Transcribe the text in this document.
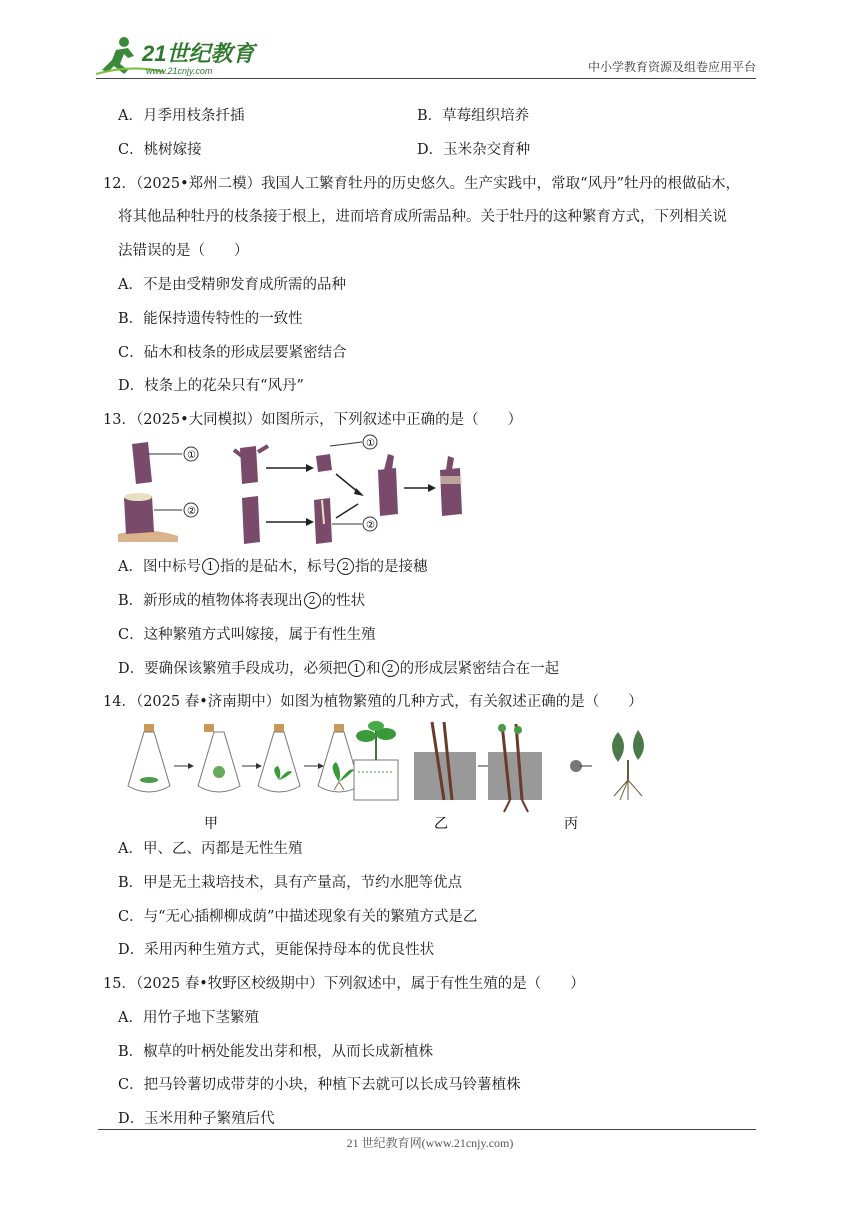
21世纪教育
www.21cnjy.com	中小学教育资源及组卷应用平台
A．月季用枝条扦插	B．草莓组织培养
C．桃树嫁接	D．玉米杂交育种
12．（2025•郑州二模）我国人工繁育牡丹的历史悠久。生产实践中，常取“风丹”牡丹的根做砧木，
将其他品种牡丹的枝条接于根上，进而培育成所需品种。关于牡丹的这种繁育方式，下列相关说
法错误的是（　　）
A．不是由受精卵发育成所需的品种
B．能保持遗传特性的一致性
C．砧木和枝条的形成层要紧密结合
D．枝条上的花朵只有“风丹”
13．（2025•大同模拟）如图所示，下列叙述中正确的是（　　）
①
②
①
②
A．图中标号 1 指的是砧木，标号 2 指的是接穗
B．新形成的植物体将表现出 2 的性状
C．这种繁殖方式叫嫁接，属于有性生殖
D．要确保该繁殖手段成功，必须把 1 和 2 的形成层紧密结合在一起
14．（2025 春•济南期中）如图为植物繁殖的几种方式，有关叙述正确的是（　　）
甲	乙	丙
A．甲、乙、丙都是无性生殖
B．甲是无土栽培技术，具有产量高，节约水肥等优点
C．与“无心插柳柳成荫”中描述现象有关的繁殖方式是乙
D．采用丙种生殖方式，更能保持母本的优良性状
15．（2025 春•牧野区校级期中）下列叙述中，属于有性生殖的是（　　）
A．用竹子地下茎繁殖
B．椒草的叶柄处能发出芽和根，从而长成新植株
C．把马铃薯切成带芽的小块，种植下去就可以长成马铃薯植株
D．玉米用种子繁殖后代
21 世纪教育网(www.21cnjy.com)
